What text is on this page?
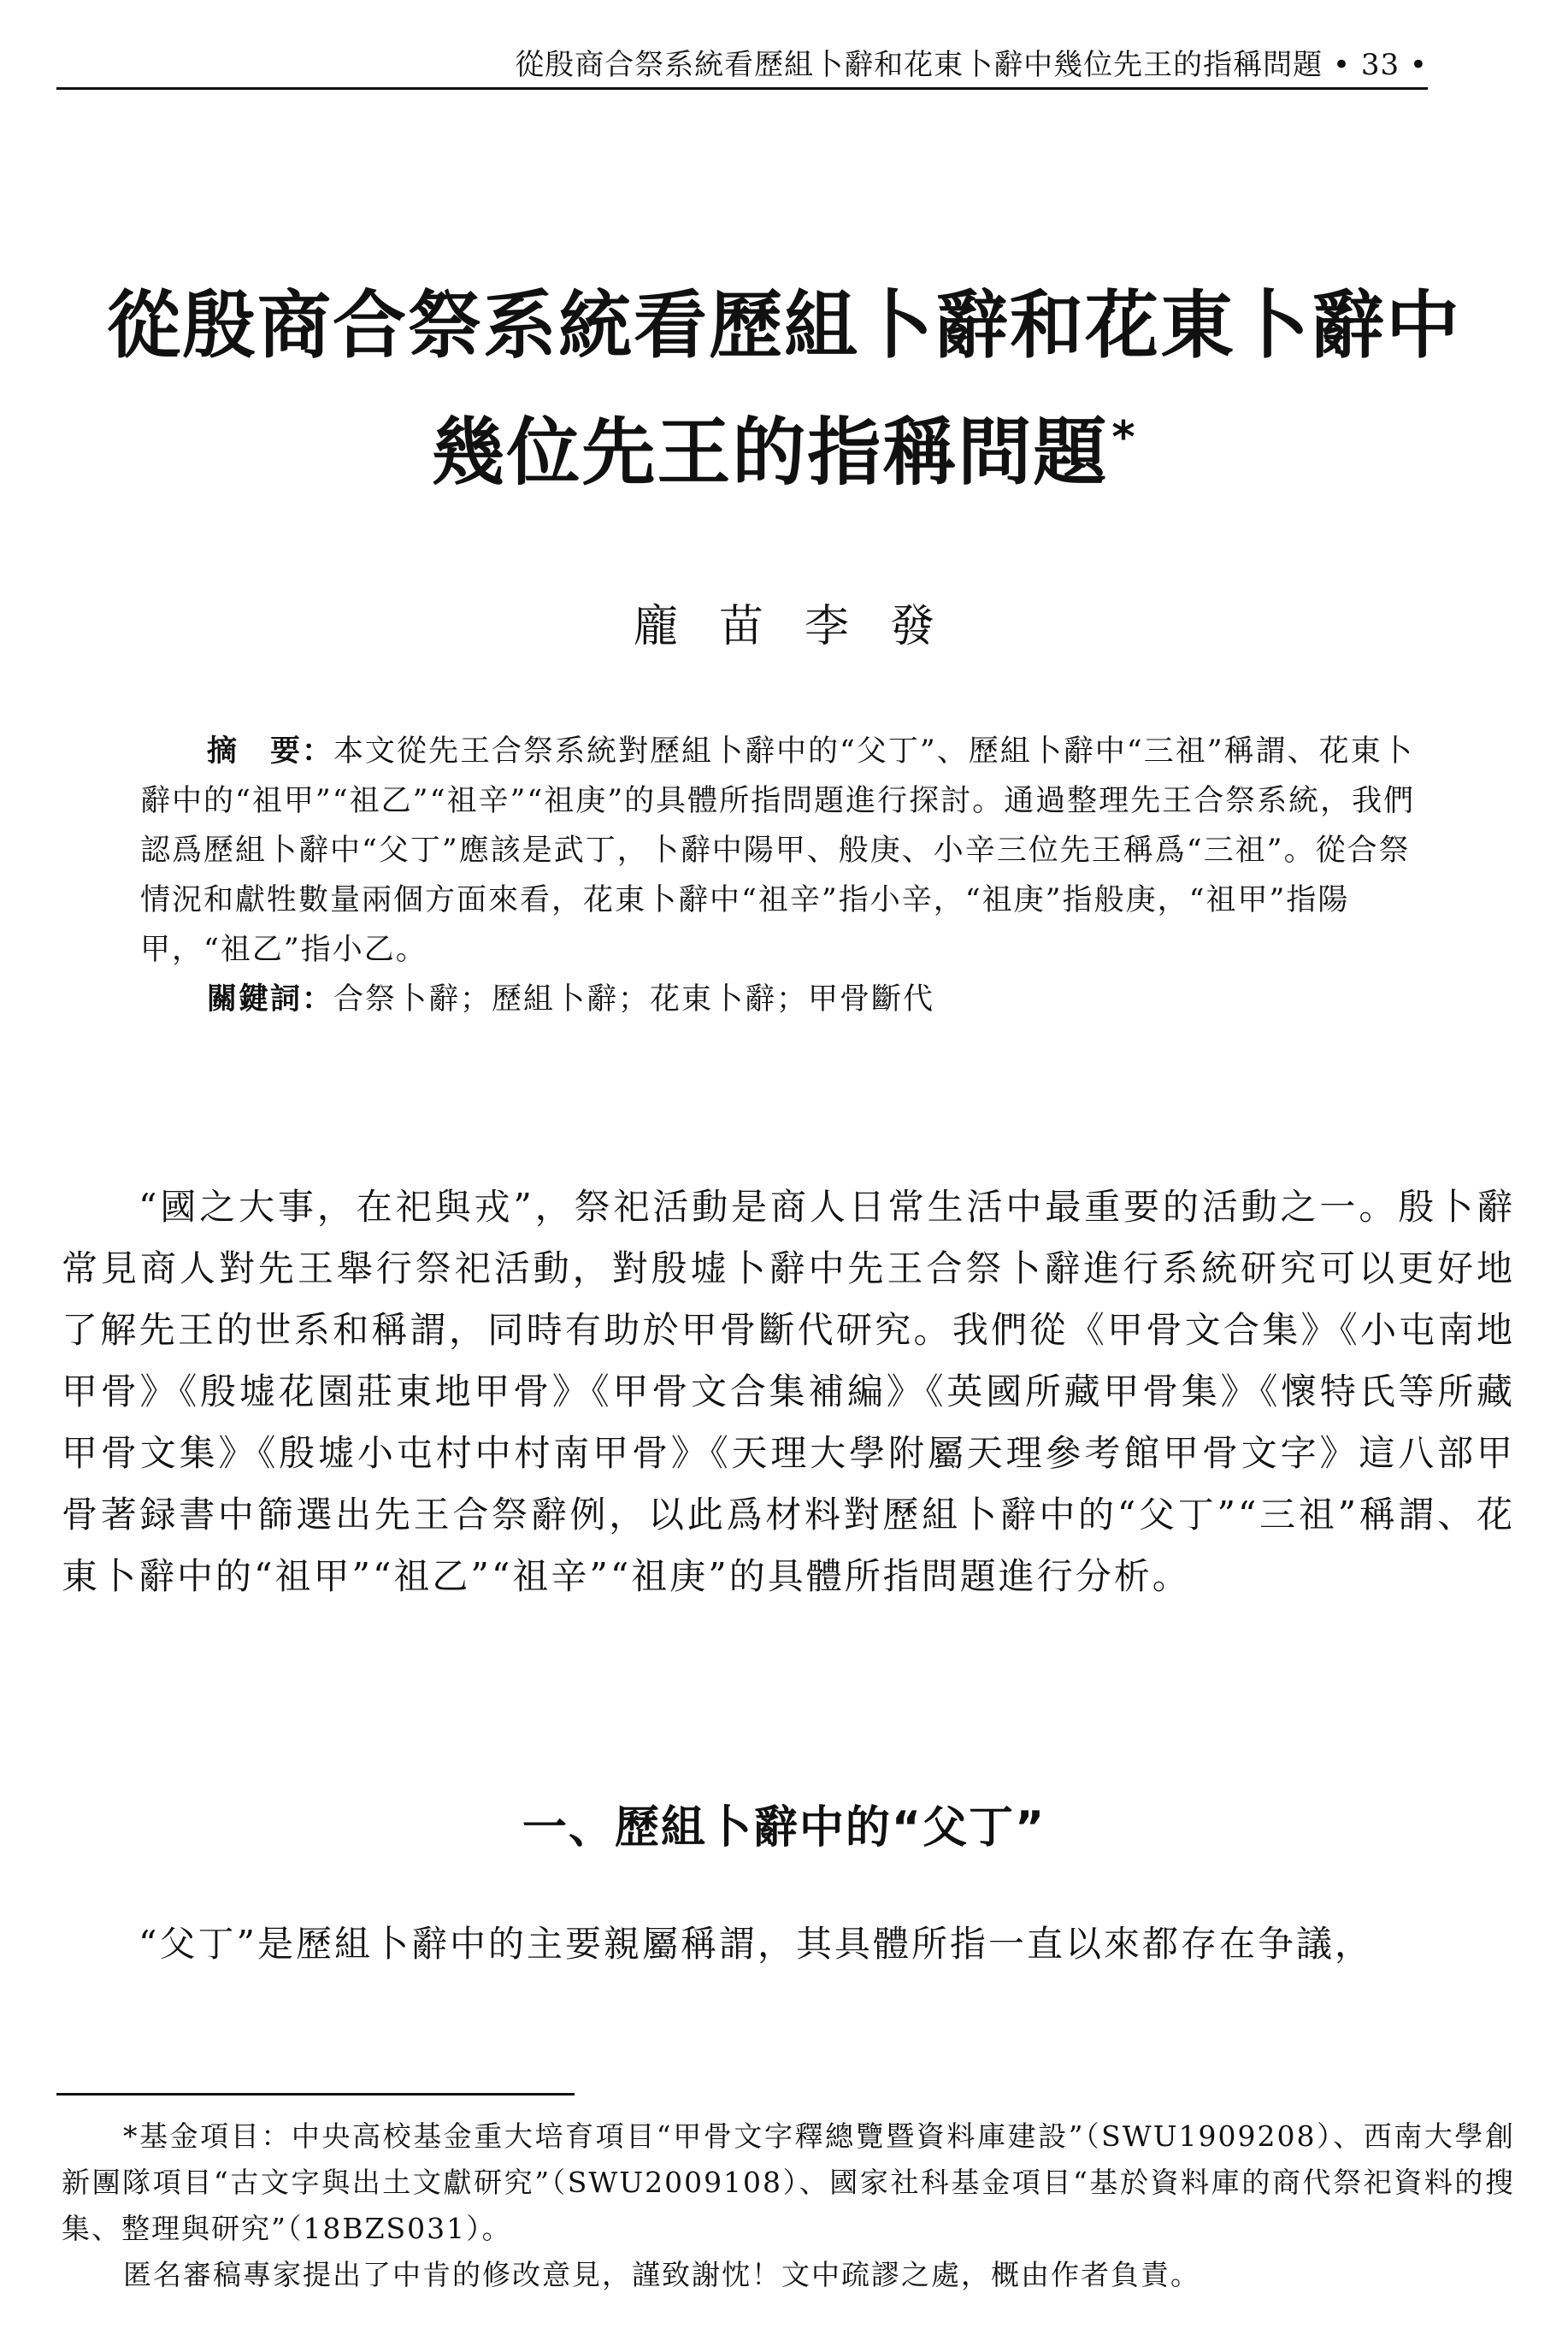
從殷商合祭系統看歷組卜辭和花東卜辭中幾位先王的指稱問題 • 33 •
從殷商合祭系統看歷組卜辭和花東卜辭中
幾位先王的指稱問題*
龐苗李發

摘　要：本文從先王合祭系統對歷組卜辭中的“父丁”、歷組卜辭中“三祖”稱謂、花東卜辭中的“祖甲”“祖乙”“祖辛”“祖庚”的具體所指問題進行探討。通過整理先王合祭系統，我們認爲歷組卜辭中“父丁”應該是武丁，卜辭中陽甲、般庚、小辛三位先王稱爲“三祖”。從合祭情況和獻牲數量兩個方面來看，花東卜辭中“祖辛”指小辛，“祖庚”指般庚，“祖甲”指陽甲，“祖乙”指小乙。

關鍵詞：合祭卜辭；歷組卜辭；花東卜辭；甲骨斷代

“國之大事，在祀與戎”，祭祀活動是商人日常生活中最重要的活動之一。殷卜辭常見商人對先王舉行祭祀活動，對殷墟卜辭中先王合祭卜辭進行系統研究可以更好地了解先王的世系和稱謂，同時有助於甲骨斷代研究。我們從《甲骨文合集》《小屯南地甲骨》《殷墟花園莊東地甲骨》《甲骨文合集補編》《英國所藏甲骨集》《懷特氏等所藏甲骨文集》《殷墟小屯村中村南甲骨》《天理大學附屬天理參考館甲骨文字》這八部甲骨著録書中篩選出先王合祭辭例，以此爲材料對歷組卜辭中的“父丁”“三祖”稱謂、花東卜辭中的“祖甲”“祖乙”“祖辛”“祖庚”的具體所指問題進行分析。

一、歷組卜辭中的“父丁”

“父丁”是歷組卜辭中的主要親屬稱謂，其具體所指一直以來都存在争議，

*基金項目：中央高校基金重大培育項目“甲骨文字釋總覽暨資料庫建設”（SWU1909208）、西南大學創新團隊項目“古文字與出土文獻研究”（SWU2009108）、國家社科基金項目“基於資料庫的商代祭祀資料的搜集、整理與研究”（18BZS031）。

匿名審稿專家提出了中肯的修改意見，謹致謝忱！文中疏謬之處，概由作者負責。
